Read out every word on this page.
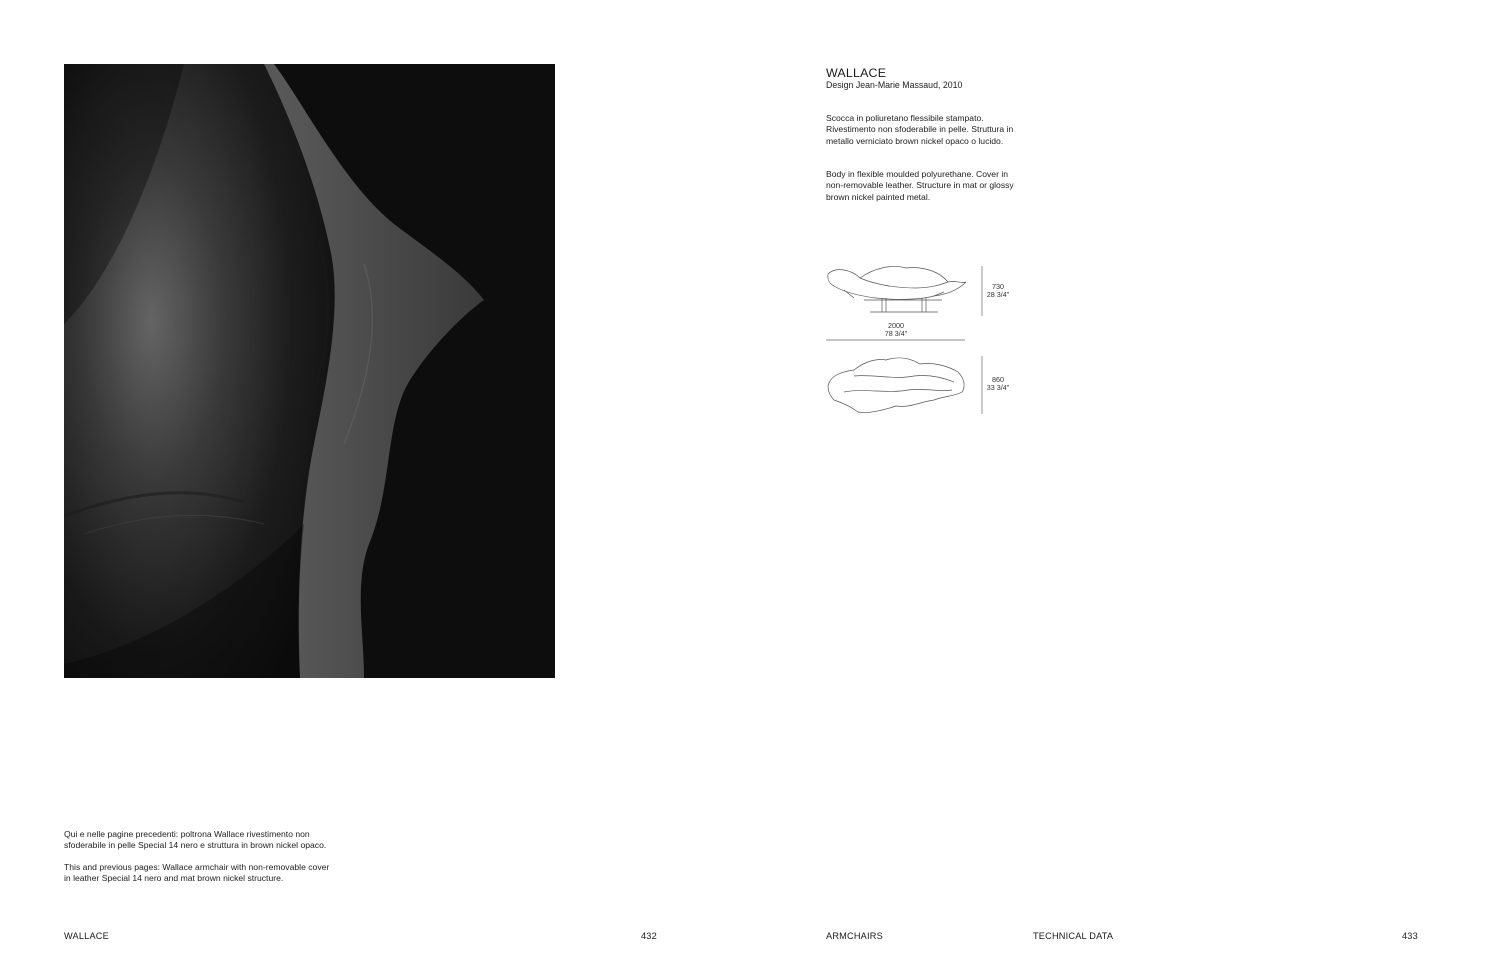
Qui e nelle pagine precedenti: poltrona Wallace rivestimento non sfoderabile in pelle Special 14 nero e struttura in brown nickel opaco.

This and previous pages: Wallace armchair with non-removable cover in leather Special 14 nero and mat brown nickel structure.

WALLACE	432
WALLACE
Design Jean-Marie Massaud, 2010
Scocca in poliuretano flessibile stampato. Rivestimento non sfoderabile in pelle. Struttura in metallo verniciato brown nickel opaco o lucido.
Body in flexible moulded polyurethane. Cover in non-removable leather. Structure in mat or glossy brown nickel painted metal.
730
28 3/4"
2000
78 3/4"
860
33 3/4"
ARMCHAIRS	TECHNICAL DATA	433
